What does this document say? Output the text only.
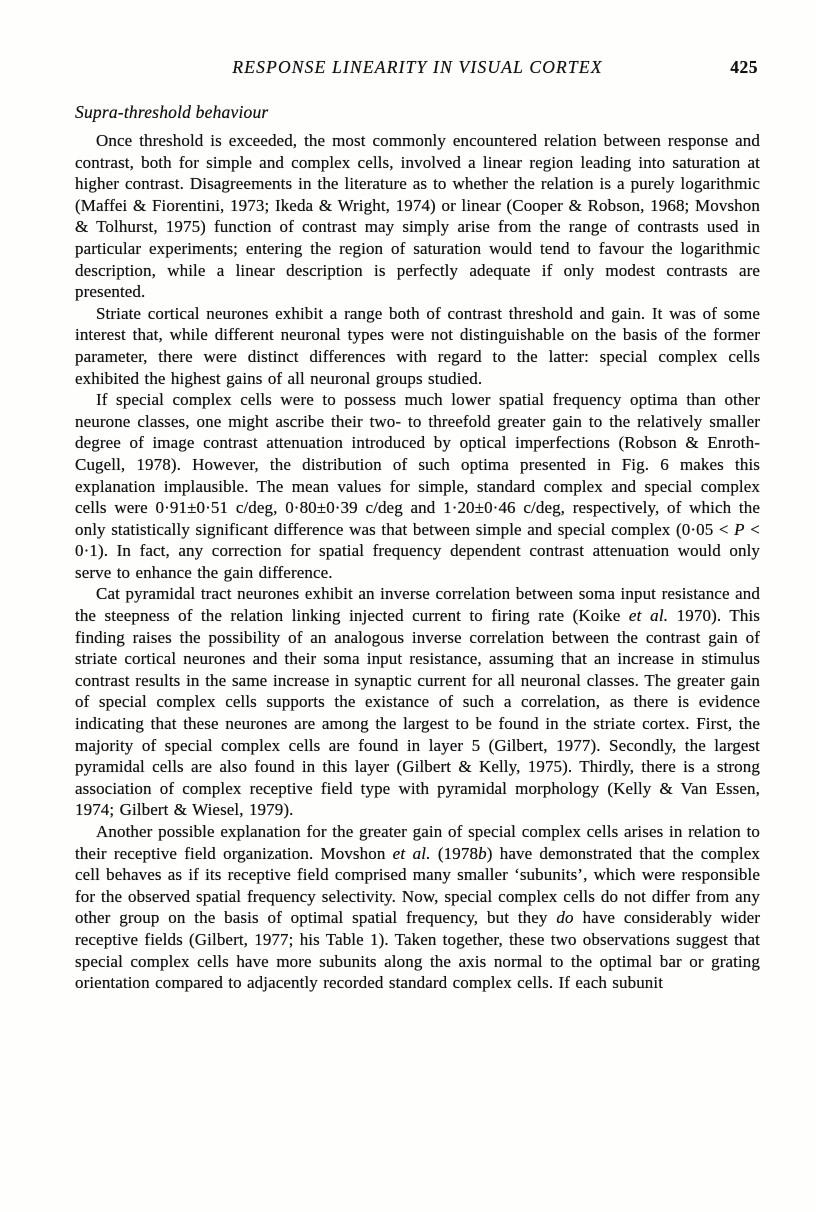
RESPONSE LINEARITY IN VISUAL CORTEX	425
Supra-threshold behaviour

Once threshold is exceeded, the most commonly encountered relation between response and contrast, both for simple and complex cells, involved a linear region leading into saturation at higher contrast. Disagreements in the literature as to whether the relation is a purely logarithmic (Maffei & Fiorentini, 1973; Ikeda & Wright, 1974) or linear (Cooper & Robson, 1968; Movshon & Tolhurst, 1975) function of contrast may simply arise from the range of contrasts used in particular experiments; entering the region of saturation would tend to favour the logarithmic description, while a linear description is perfectly adequate if only modest contrasts are presented.

Striate cortical neurones exhibit a range both of contrast threshold and gain. It was of some interest that, while different neuronal types were not distinguishable on the basis of the former parameter, there were distinct differences with regard to the latter: special complex cells exhibited the highest gains of all neuronal groups studied.

If special complex cells were to possess much lower spatial frequency optima than other neurone classes, one might ascribe their two- to threefold greater gain to the relatively smaller degree of image contrast attenuation introduced by optical imperfections (Robson & Enroth-Cugell, 1978). However, the distribution of such optima presented in Fig. 6 makes this explanation implausible. The mean values for simple, standard complex and special complex cells were 0·91±0·51 c/deg, 0·80±0·39 c/deg and 1·20±0·46 c/deg, respectively, of which the only statistically significant difference was that between simple and special complex (0·05 < P < 0·1). In fact, any correction for spatial frequency dependent contrast attenuation would only serve to enhance the gain difference.

Cat pyramidal tract neurones exhibit an inverse correlation between soma input resistance and the steepness of the relation linking injected current to firing rate (Koike et al. 1970). This finding raises the possibility of an analogous inverse correlation between the contrast gain of striate cortical neurones and their soma input resistance, assuming that an increase in stimulus contrast results in the same increase in synaptic current for all neuronal classes. The greater gain of special complex cells supports the existance of such a correlation, as there is evidence indicating that these neurones are among the largest to be found in the striate cortex. First, the majority of special complex cells are found in layer 5 (Gilbert, 1977). Secondly, the largest pyramidal cells are also found in this layer (Gilbert & Kelly, 1975). Thirdly, there is a strong association of complex receptive field type with pyramidal morphology (Kelly & Van Essen, 1974; Gilbert & Wiesel, 1979).

Another possible explanation for the greater gain of special complex cells arises in relation to their receptive field organization. Movshon et al. (1978b) have demonstrated that the complex cell behaves as if its receptive field comprised many smaller ‘subunits’, which were responsible for the observed spatial frequency selectivity. Now, special complex cells do not differ from any other group on the basis of optimal spatial frequency, but they do have considerably wider receptive fields (Gilbert, 1977; his Table 1). Taken together, these two observations suggest that special complex cells have more subunits along the axis normal to the optimal bar or grating orientation compared to adjacently recorded standard complex cells. If each subunit
